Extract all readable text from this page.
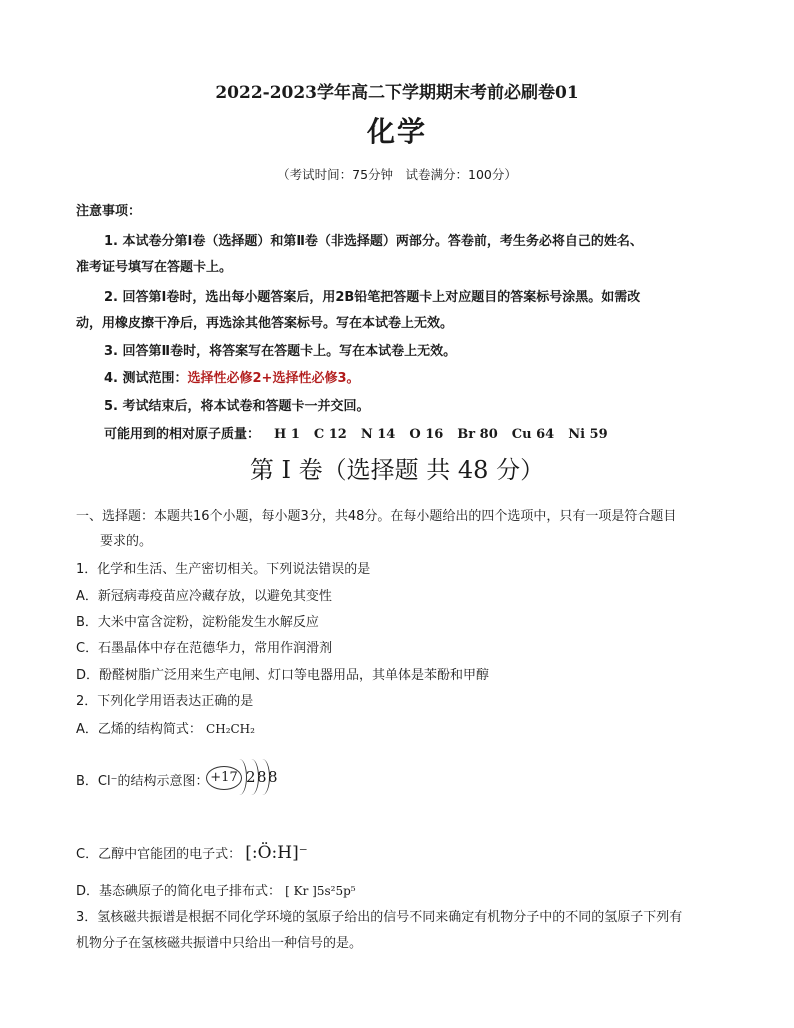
2022-2023学年高二下学期期末考前必刷卷01
化学
（考试时间：75分钟　试卷满分：100分）
注意事项：
1. 本试卷分第Ⅰ卷（选择题）和第Ⅱ卷（非选择题）两部分。答卷前，考生务必将自己的姓名、
准考证号填写在答题卡上。
2. 回答第Ⅰ卷时，选出每小题答案后，用2B铅笔把答题卡上对应题目的答案标号涂黑。如需改
动，用橡皮擦干净后，再选涂其他答案标号。写在本试卷上无效。
3. 回答第Ⅱ卷时，将答案写在答题卡上。写在本试卷上无效。
4. 测试范围：选择性必修2+选择性必修3。
5. 考试结束后，将本试卷和答题卡一并交回。
可能用到的相对原子质量： H 1 C 12 N 14 O 16 Br 80 Cu 64 Ni 59
第 I 卷（选择题 共 48 分）
一、选择题：本题共16个小题，每小题3分，共48分。在每小题给出的四个选项中，只有一项是符合题目
要求的。
1．化学和生活、生产密切相关。下列说法错误的是
A．新冠病毒疫苗应冷藏存放，以避免其变性
B．大米中富含淀粉，淀粉能发生水解反应
C．石墨晶体中存在范德华力，常用作润滑剂
D．酚醛树脂广泛用来生产电闸、灯口等电器用品，其单体是苯酚和甲醇
2．下列化学用语表达正确的是
A．乙烯的结构简式： CH₂CH₂
B．Cl⁻的结构示意图： +17 2 8 8
C．乙醇中官能团的电子式： [:Ö:H]⁻
D．基态碘原子的简化电子排布式： [ Kr ]5s²5p⁵
3．氢核磁共振谱是根据不同化学环境的氢原子给出的信号不同来确定有机物分子中的不同的氢原子下列有
机物分子在氢核磁共振谱中只给出一种信号的是。
